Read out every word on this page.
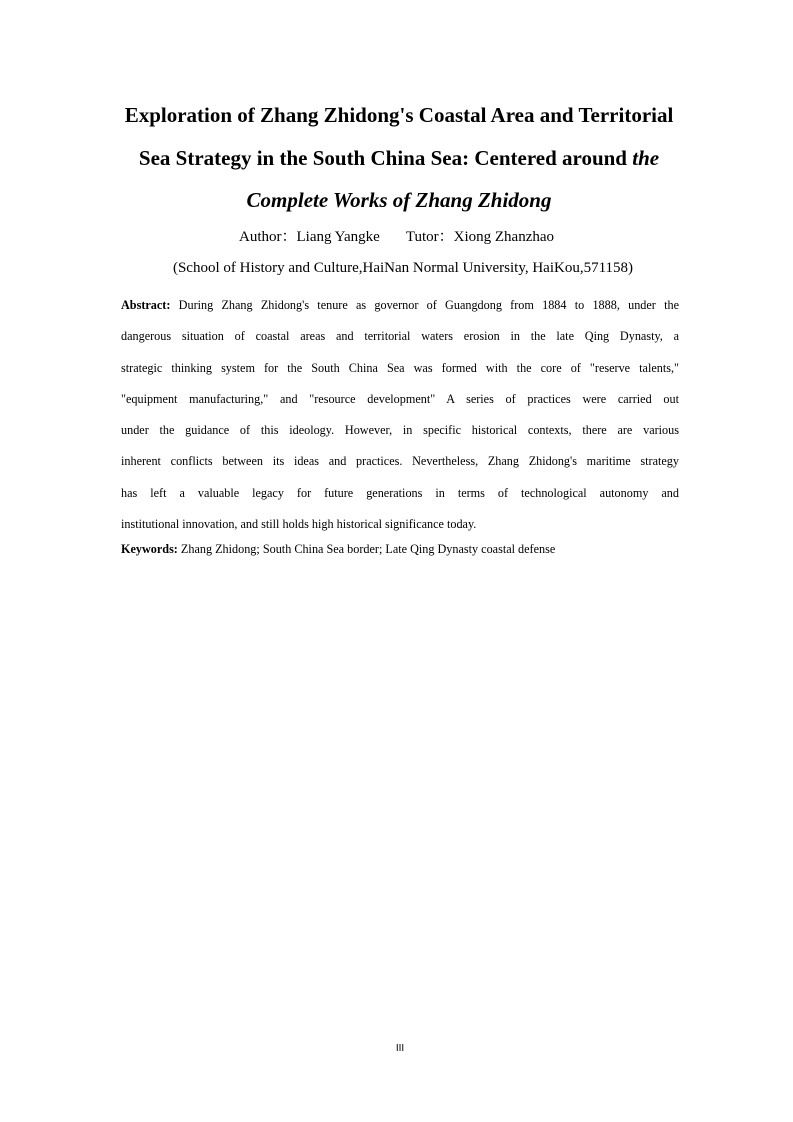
Exploration of Zhang Zhidong's Coastal Area and Territorial
Sea Strategy in the South China Sea: Centered around the
Complete Works of Zhang Zhidong
Author：Liang Yangke Tutor：Xiong Zhanzhao
(School of History and Culture,HaiNan Normal University, HaiKou,571158)
Abstract: During Zhang Zhidong's tenure as governor of Guangdong from 1884 to 1888, under the
dangerous situation of coastal areas and territorial waters erosion in the late Qing Dynasty, a
strategic thinking system for the South China Sea was formed with the core of "reserve talents,"
"equipment manufacturing," and "resource development" A series of practices were carried out
under the guidance of this ideology. However, in specific historical contexts, there are various
inherent conflicts between its ideas and practices. Nevertheless, Zhang Zhidong's maritime strategy
has left a valuable legacy for future generations in terms of technological autonomy and
institutional innovation, and still holds high historical significance today.
Keywords: Zhang Zhidong; South China Sea border; Late Qing Dynasty coastal defense
III
